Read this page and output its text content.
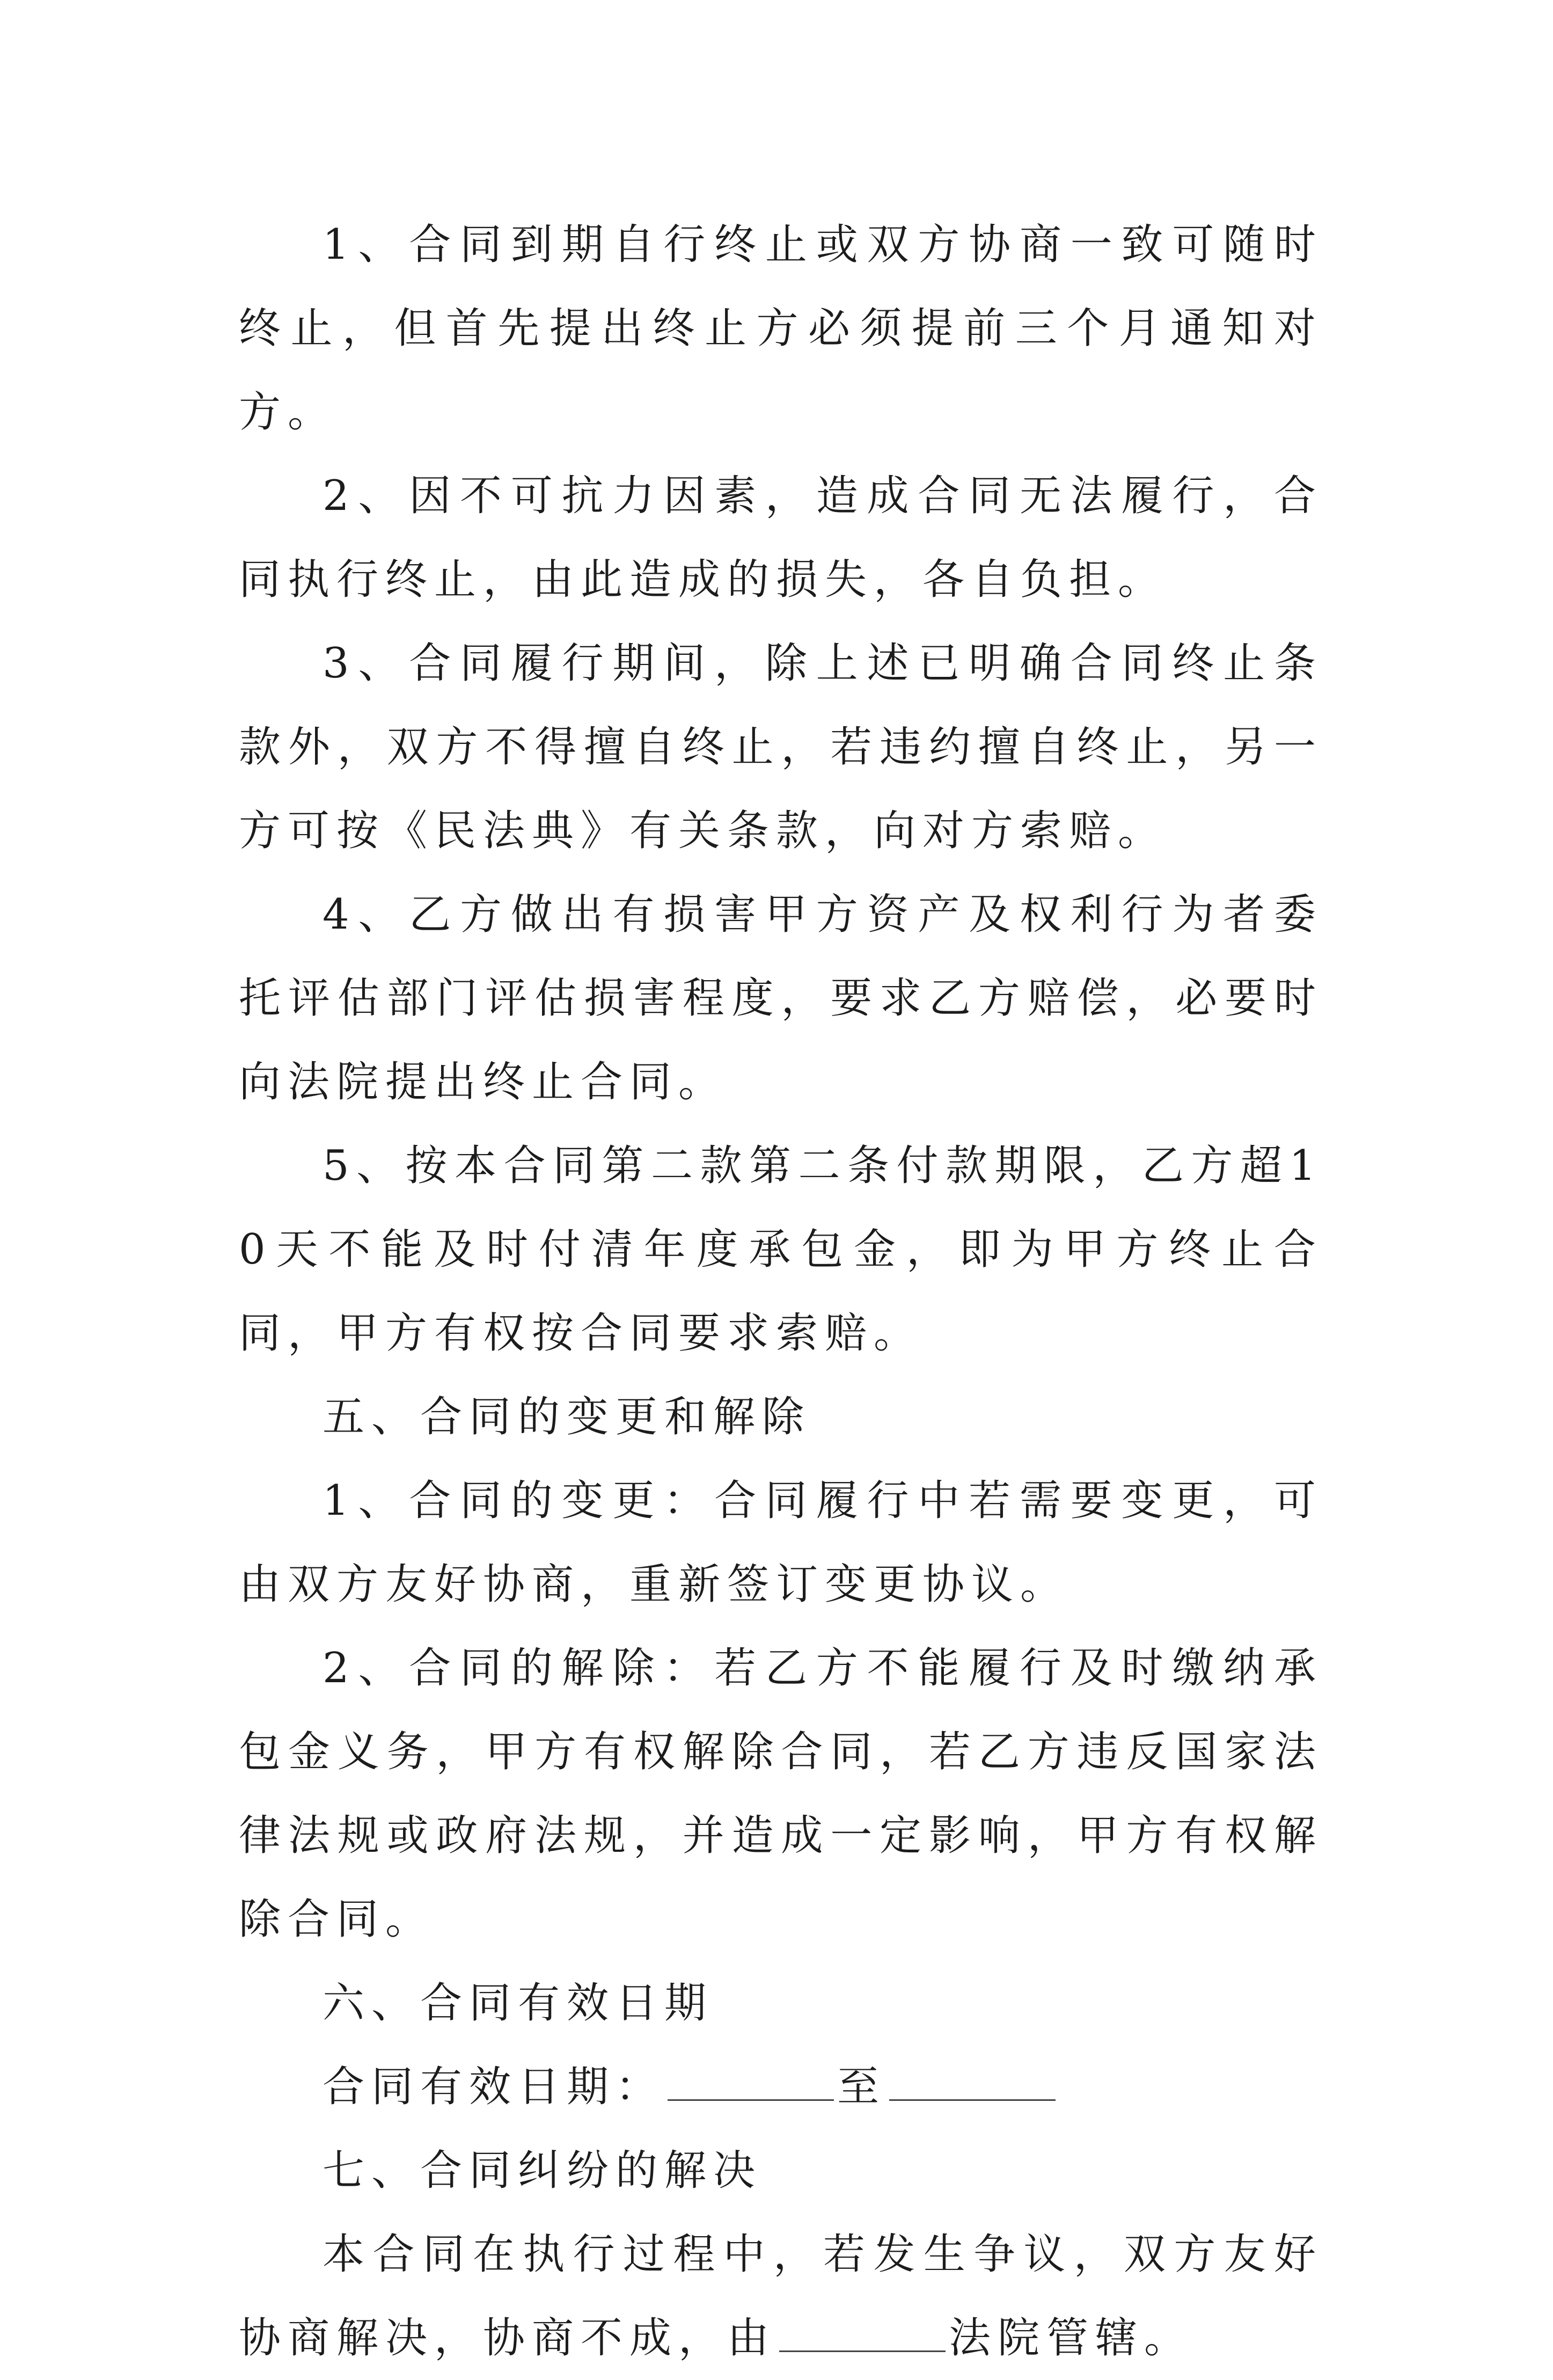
1、合同到期自行终止或双方协商一致可随时终止，但首先提出终止方必须提前三个月通知对方。

2、因不可抗力因素，造成合同无法履行，合同执行终止，由此造成的损失，各自负担。

3、合同履行期间，除上述已明确合同终止条款外，双方不得擅自终止，若违约擅自终止，另一方可按《民法典》有关条款，向对方索赔。

4、乙方做出有损害甲方资产及权利行为者委托评估部门评估损害程度，要求乙方赔偿，必要时向法院提出终止合同。

5、按本合同第二款第二条付款期限，乙方超10天不能及时付清年度承包金，即为甲方终止合同，甲方有权按合同要求索赔。

五、合同的变更和解除

1、合同的变更：合同履行中若需要变更，可由双方友好协商，重新签订变更协议。

2、合同的解除：若乙方不能履行及时缴纳承包金义务，甲方有权解除合同，若乙方违反国家法律法规或政府法规，并造成一定影响，甲方有权解除合同。

六、合同有效日期

合同有效日期：	至

七、合同纠纷的解决

本合同在执行过程中，若发生争议，双方友好协商解决，协商不成，由	法院管辖。
